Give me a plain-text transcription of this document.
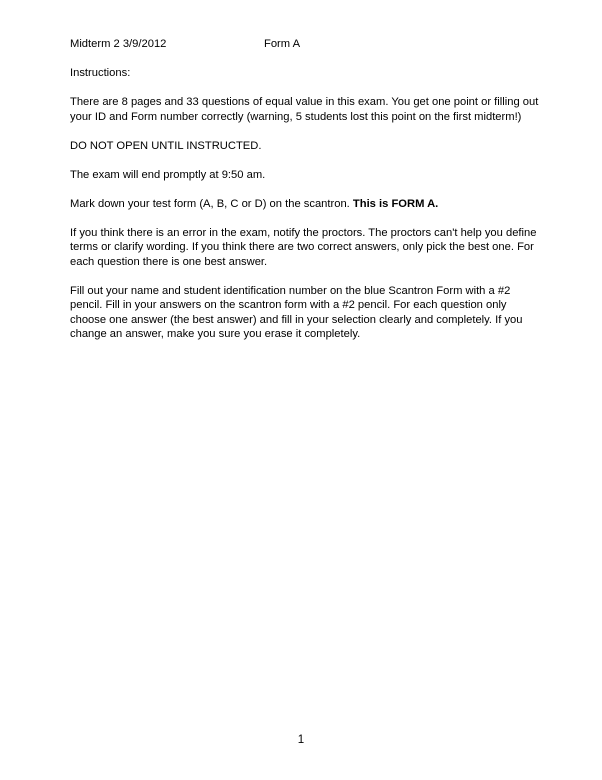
Midterm 2 3/9/2012	Form A

Instructions:

There are 8 pages and 33 questions of equal value in this exam. You get one point or filling out your ID and Form number correctly (warning, 5 students lost this point on the first midterm!)

DO NOT OPEN UNTIL INSTRUCTED.

The exam will end promptly at 9:50 am.

Mark down your test form (A, B, C or D) on the scantron. This is FORM A.

If you think there is an error in the exam, notify the proctors. The proctors can't help you define terms or clarify wording. If you think there are two correct answers, only pick the best one. For each question there is one best answer.

Fill out your name and student identification number on the blue Scantron Form with a #2 pencil. Fill in your answers on the scantron form with a #2 pencil. For each question only choose one answer (the best answer) and fill in your selection clearly and completely. If you change an answer, make you sure you erase it completely.

1
